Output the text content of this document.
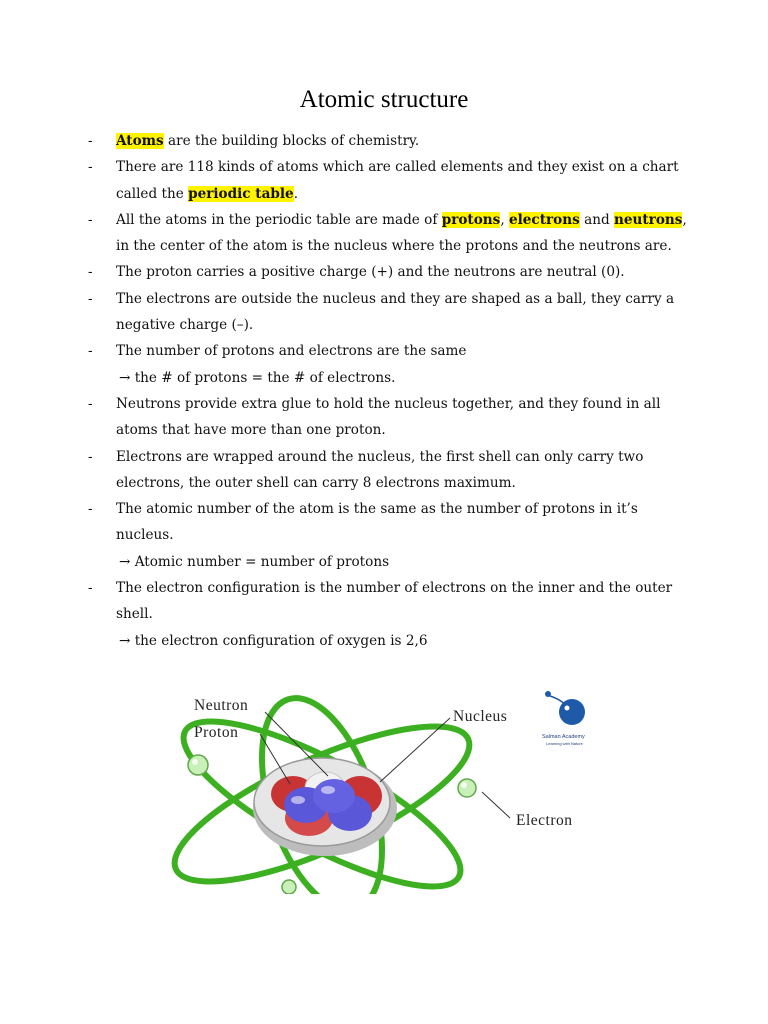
Atomic structure
- Atoms are the building blocks of chemistry.
- There are 118 kinds of atoms which are called elements and they exist on a chart called the periodic table.
- All the atoms in the periodic table are made of protons, electrons and neutrons, in the center of the atom is the nucleus where the protons and the neutrons are.
- The proton carries a positive charge (+) and the neutrons are neutral (0).
- The electrons are outside the nucleus and they are shaped as a ball, they carry a negative charge (–).
- The number of protons and electrons are the same
→ the # of protons = the # of electrons.
- Neutrons provide extra glue to hold the nucleus together, and they found in all atoms that have more than one proton.
- Electrons are wrapped around the nucleus, the first shell can only carry two electrons, the outer shell can carry 8 electrons maximum.
- The atomic number of the atom is the same as the number of protons in it’s nucleus.
→ Atomic number = number of protons
- The electron configuration is the number of electrons on the inner and the outer shell.
→ the electron configuration of oxygen is 2,6
Neutron
Proton
Nucleus
Electron
Salman Academy
Learning with Nature
